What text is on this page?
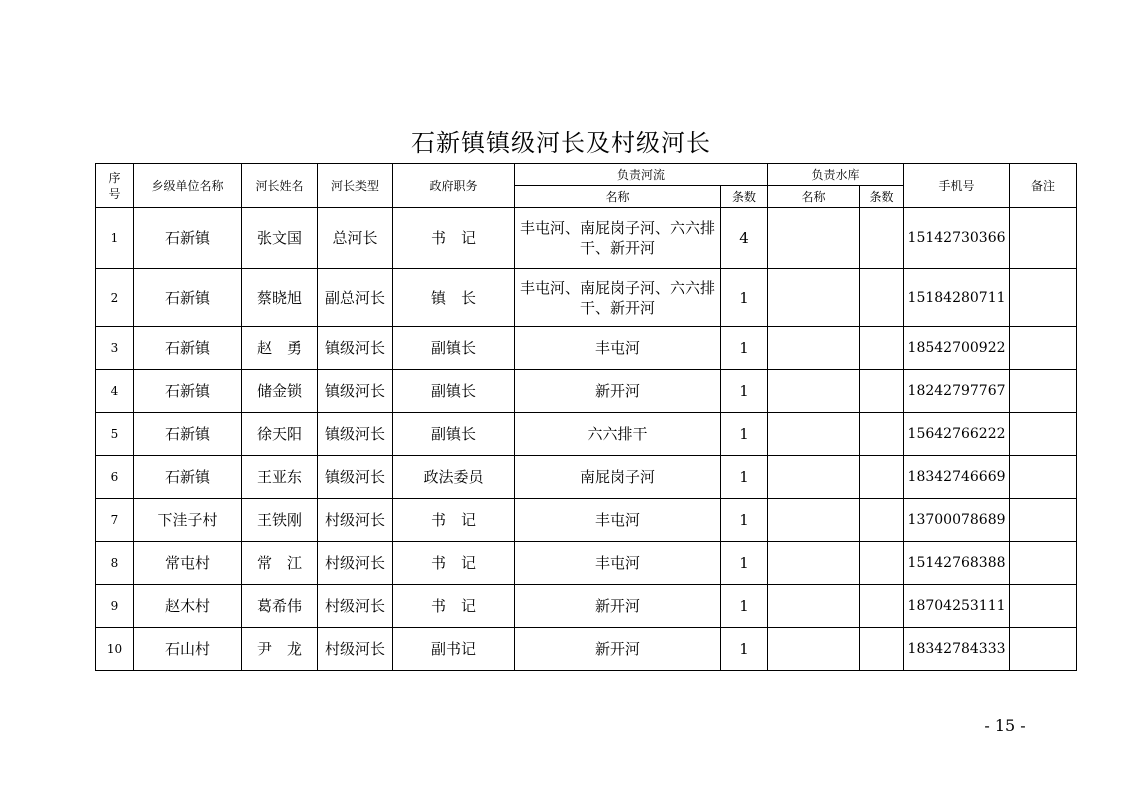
石新镇镇级河长及村级河长
序
号	乡级单位名称	河长姓名	河长类型	政府职务	负责河流		负责水库		手机号	备注
					名称	条数	名称	条数		
1	石新镇	张文国	总河长	书　记	丰屯河、南屁岗子河、六六排干、新开河	4			15142730366	
2	石新镇	蔡晓旭	副总河长	镇　长	丰屯河、南屁岗子河、六六排干、新开河	1			15184280711	
3	石新镇	赵　勇	镇级河长	副镇长	丰屯河	1			18542700922	
4	石新镇	储金锁	镇级河长	副镇长	新开河	1			18242797767	
5	石新镇	徐天阳	镇级河长	副镇长	六六排干	1			15642766222	
6	石新镇	王亚东	镇级河长	政法委员	南屁岗子河	1			18342746669	
7	下洼子村	王铁刚	村级河长	书　记	丰屯河	1			13700078689	
8	常屯村	常　江	村级河长	书　记	丰屯河	1			15142768388	
9	赵木村	葛希伟	村级河长	书　记	新开河	1			18704253111	
10	石山村	尹　龙	村级河长	副书记	新开河	1			18342784333	
- 15 -
